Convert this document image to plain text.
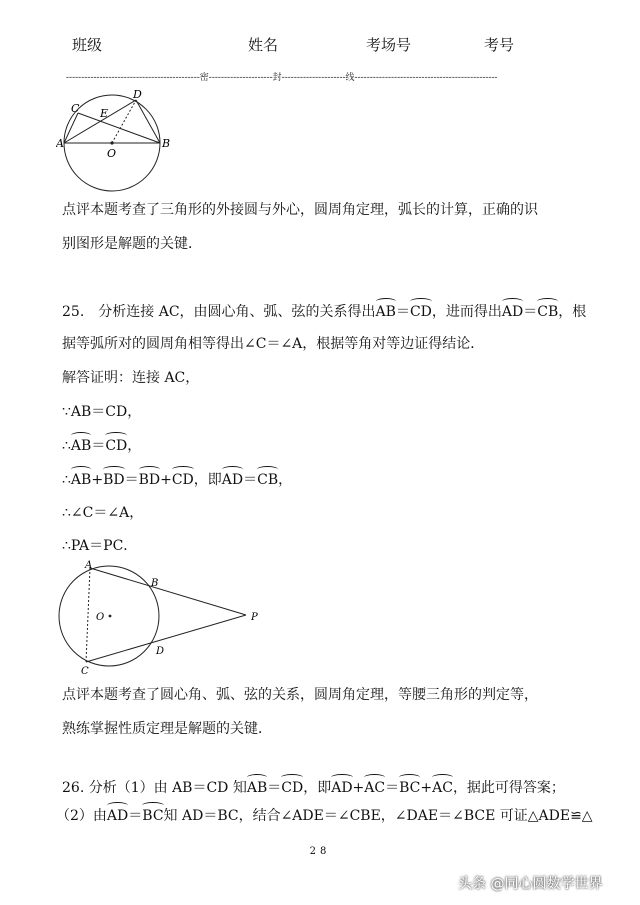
班级	姓名	考场号	考号
--------------------------------------------密---------------------封---------------------线-----------------------------------------------
C
D
E
A
O
B
点评本题考查了三角形的外接圆与外心，圆周角定理，弧长的计算，正确的识
别图形是解题的关键．
25.　分析连接 AC，由圆心角、弧、弦的关系得出AB＝CD，进而得出AD＝CB，根
据等弧所对的圆周角相等得出∠C＝∠A，根据等角对等边证得结论．
解答证明：连接 AC，
∵AB＝CD，
∴AB＝CD，
∴AB+BD＝BD+CD，即AD＝CB，
∴∠C＝∠A，
∴PA＝PC．
A
B
O	P
D
C
点评本题考查了圆心角、弧、弦的关系，圆周角定理，等腰三角形的判定等，
熟练掌握性质定理是解题的关键．
26. 分析（1）由 AB＝CD 知AB＝CD，即AD+AC＝BC+AC，据此可得答案；
（2）由AD＝BC知 AD＝BC，结合∠ADE＝∠CBE，∠DAE＝∠BCE 可证△ADE≌△
28
头条 @同心圆数学世界
